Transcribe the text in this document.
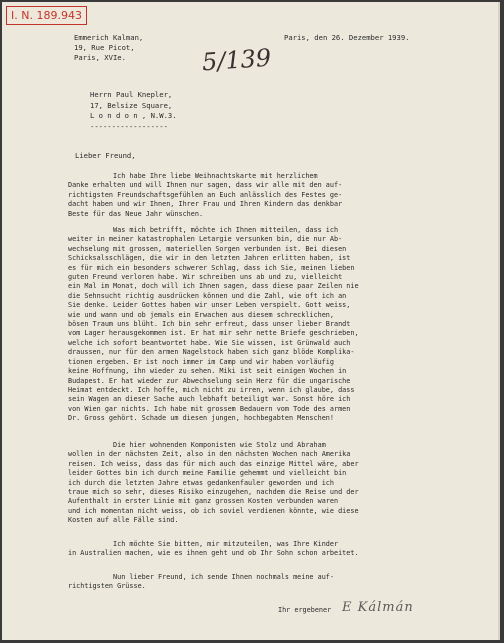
I. N. 189.943
5/139
Emmerich Kalman,
19, Rue Picot,
Paris, XVIe.
Paris, den 26. Dezember 1939.
Herrn Paul Knepler,
17, Belsize Square,
L o n d o n , N.W.3.
------------------
Lieber Freund,
Ich habe Ihre liebe Weihnachtskarte mit herzlichem
Danke erhalten und will Ihnen nur sagen, dass wir alle mit den auf-
richtigsten Freundschaftsgefühlen an Euch anlässlich des Festes ge-
dacht haben und wir Ihnen, Ihrer Frau und Ihren Kindern das denkbar
Beste für das Neue Jahr wünschen.
Was mich betrifft, möchte ich Ihnen mitteilen, dass ich
weiter in meiner katastrophalen Letargie versunken bin, die nur Ab-
wechselung mit grossen, materiellen Sorgen verbunden ist. Bei diesen
Schicksalsschlägen, die wir in den letzten Jahren erlitten haben, ist
es für mich ein besonders schwerer Schlag, dass ich Sie, meinen lieben
guten Freund verloren habe. Wir schreiben uns ab und zu, vielleicht
ein Mal im Monat, doch will ich Ihnen sagen, dass diese paar Zeilen nie
die Sehnsucht richtig ausdrücken können und die Zahl, wie oft ich an
Sie denke. Leider Gottes haben wir unser Leben verspielt. Gott weiss,
wie und wann und ob jemals ein Erwachen aus diesem schrecklichen,
bösen Traum uns blüht. Ich bin sehr erfreut, dass unser lieber Brandt
vom Lager herausgekommen ist. Er hat mir sehr nette Briefe geschrieben,
welche ich sofort beantwortet habe. Wie Sie wissen, ist Grünwald auch
draussen, nur für den armen Nagelstock haben sich ganz blöde Komplika-
tionen ergeben. Er ist noch immer im Camp und wir haben vorläufig
keine Hoffnung, ihn wieder zu sehen. Miki ist seit einigen Wochen in
Budapest. Er hat wieder zur Abwechselung sein Herz für die ungarische
Heimat entdeckt. Ich hoffe, mich nicht zu irren, wenn ich glaube, dass
sein Wagen an dieser Sache auch lebhaft beteiligt war. Sonst höre ich
von Wien gar nichts. Ich habe mit grossem Bedauern vom Tode des armen
Dr. Gross gehört. Schade um diesen jungen, hochbegabten Menschen!
Die hier wohnenden Komponisten wie Stolz und Abraham
wollen in der nächsten Zeit, also in den nächsten Wochen nach Amerika
reisen. Ich weiss, dass das für mich auch das einzige Mittel wäre, aber
leider Gottes bin ich durch meine Familie gehemmt und vielleicht bin
ich durch die letzten Jahre etwas gedankenfauler geworden und ich
traue mich so sehr, dieses Risiko einzugehen, nachdem die Reise und der
Aufenthalt in erster Linie mit ganz grossen Kosten verbunden waren
und ich momentan nicht weiss, ob ich soviel verdienen könnte, wie diese
Kosten auf alle Fälle sind.
Ich möchte Sie bitten, mir mitzuteilen, was Ihre Kinder
in Australien machen, wie es ihnen geht und ob Ihr Sohn schon arbeitet.
Nun lieber Freund, ich sende Ihnen nochmals meine auf-
richtigsten Grüsse.
Ihr ergebener E Kálmán
